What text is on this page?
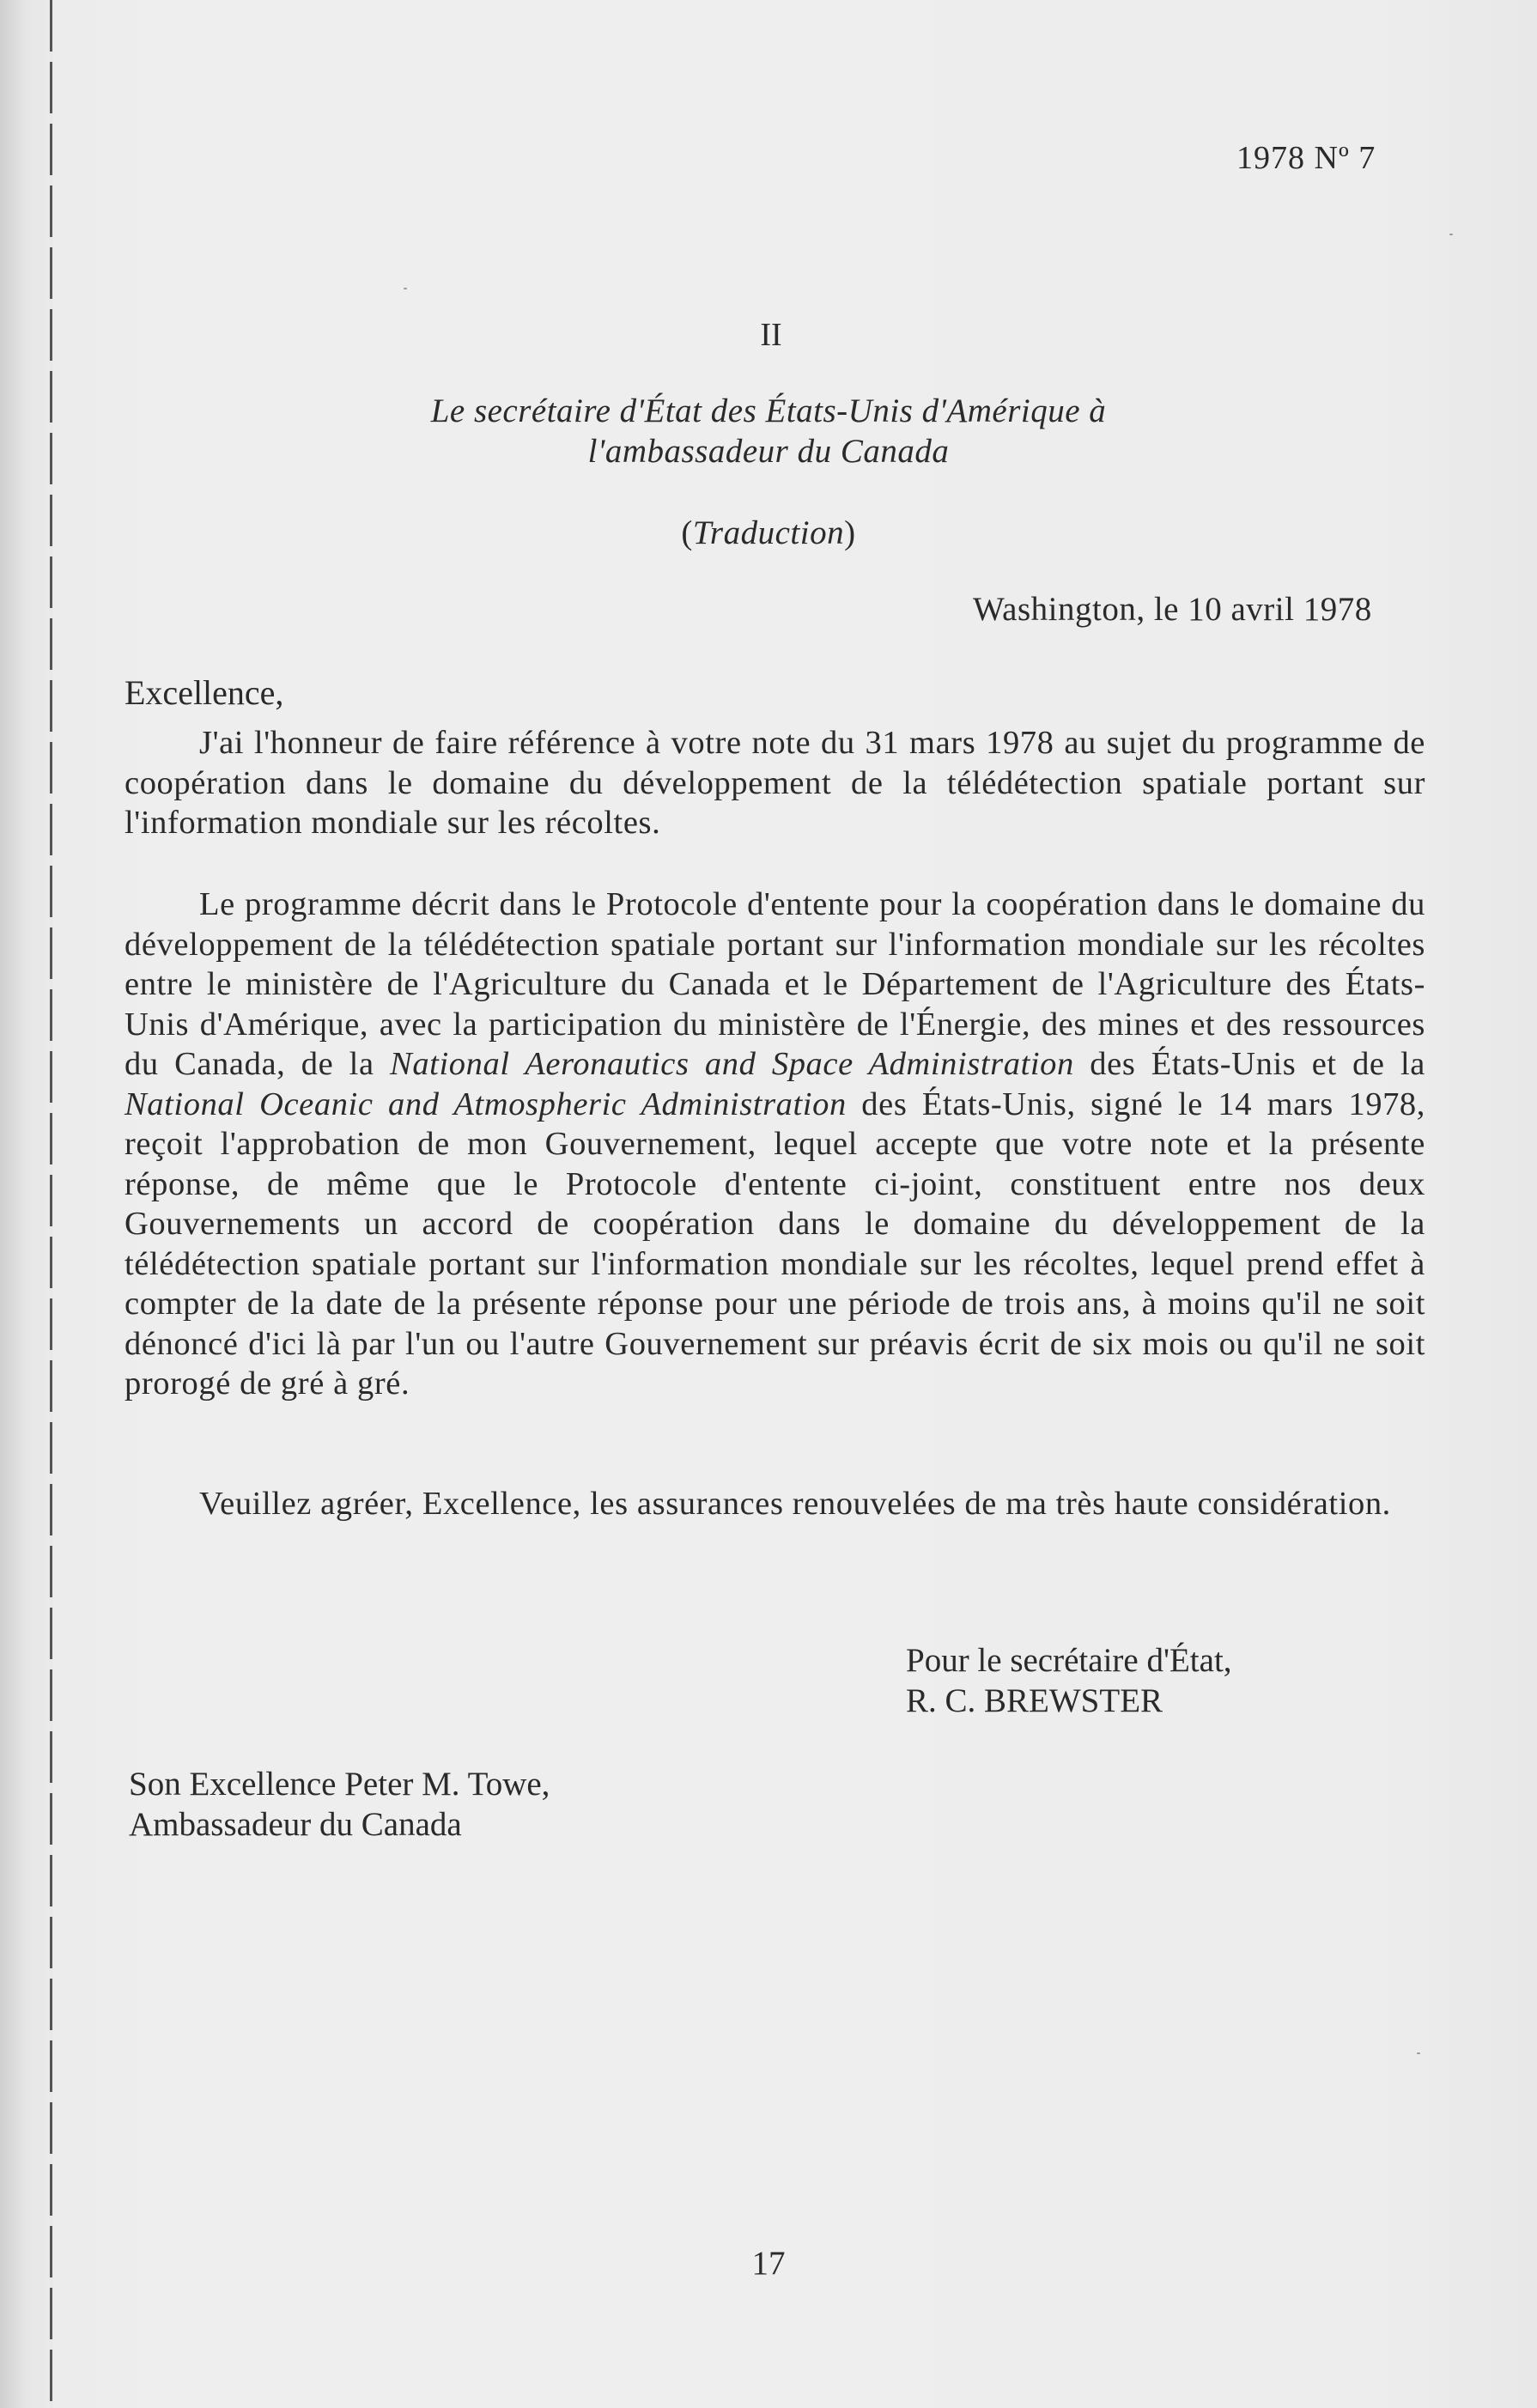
1978 Nº 7
II
Le secrétaire d'État des États-Unis d'Amérique à
l'ambassadeur du Canada
(Traduction)
Washington, le 10 avril 1978
Excellence,

J'ai l'honneur de faire référence à votre note du 31 mars 1978 au sujet du programme de coopération dans le domaine du développement de la télédétection spatiale portant sur l'information mondiale sur les récoltes.

Le programme décrit dans le Protocole d'entente pour la coopération dans le domaine du développement de la télédétection spatiale portant sur l'information mondiale sur les récoltes entre le ministère de l'Agriculture du Canada et le Département de l'Agriculture des États-Unis d'Amérique, avec la participation du ministère de l'Énergie, des mines et des ressources du Canada, de la National Aeronautics and Space Administration des États-Unis et de la National Oceanic and Atmospheric Administration des États-Unis, signé le 14 mars 1978, reçoit l'approbation de mon Gouvernement, lequel accepte que votre note et la présente réponse, de même que le Protocole d'entente ci-joint, constituent entre nos deux Gouvernements un accord de coopération dans le domaine du développement de la télédétection spatiale portant sur l'information mondiale sur les récoltes, lequel prend effet à compter de la date de la présente réponse pour une période de trois ans, à moins qu'il ne soit dénoncé d'ici là par l'un ou l'autre Gouvernement sur préavis écrit de six mois ou qu'il ne soit prorogé de gré à gré.

Veuillez agréer, Excellence, les assurances renouvelées de ma très haute considération.

Pour le secrétaire d'État,
R. C. BREWSTER
Son Excellence Peter M. Towe,
Ambassadeur du Canada
17
